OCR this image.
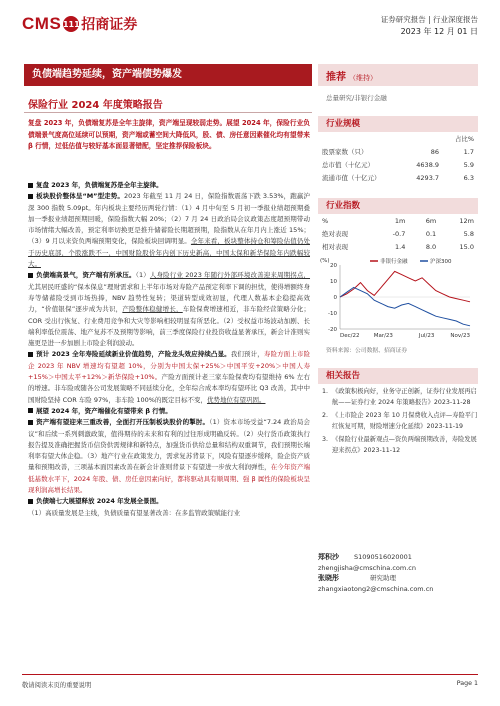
CMS 111 招商证券	证券研究报告 | 行业深度报告
2023 年 12 月 01 日
负债端趋势延续，资产端债势爆发
保险行业 2024 年度策略报告
复盘 2023 年，负债端复苏是全年主旋律，资产端呈现较弱走势。展望 2024 年，保险行业负债端景气度高位延续可以预期，资产端或蓄空间大降低风，股、债、房任意因素催化均有望带来 β 行情，过低估值与较好基本面显著错配，坚定推荐保险板块。

复盘 2023 年，负债端复苏是全年主旋律。

板块股价整体呈“M”型走势。2023 年截至 11 月 24 日，保险指数震荡下跌 3.53%，跑赢沪深 300 指数 5.09pt。年内板块主要经历两轮行情：（1）4 月中旬至 5 月初一季报业绩超预期叠加一季报业绩超预期回暖，保险指数大幅 20%；（2）7 月 24 日政治局会议政策态度超预期带动市场情绪大幅改善，预定利率切换更是推升储蓄险长期超预期，险指数从在年月内上涨近 15%；（3）9 月以来资负两端预期变化，保险板块回调明显。全年来看，板块整体持仓和筹险估值仍处于历史底部，个股涨跌不一，中国财险股价年内创下历史新高，中国太保和新华保险年内跌幅较大。

负债端高景气，资产端有所承压。（1）人身险行业 2023 年随行外部环境改善迎来周期拐点，尤其居民旺盛的“保本保息”理财需求和上半年市场对寿险产品预定利率下调的担忧，使得增额终身寿等储蓄险受到市场热捧，NBV 趋势性复转；渠道转型成效初显，代理人数基本企稳提高效力，“价值银保”逐步成为共识，产险整体稳健增长，车险保费增速相近，非车险经营策略分化；COR 受出行恢复、行业费用竞争和大灾等影响相较明显有所恶化。（2）受权益市场波动加剧、长端利率低位震荡、地产复苏不及预期等影响，前三季度保险行业投资收益显著承压，新会计准则实施更是进一步加剧上市险企利润波动。

预计 2023 全年寿险延续新业价值趋势，产险龙头效应持续凸显。我们预计，寿险方面上市险企 2023 年 NBV 增速均有望超 10%，分别为中国太保+25%＞中国平安+20%＞中国人寿+15%＞中国太平+12%＞新华保险+10%。产险方面预计老三家车险保费均有望维持 6% 左右的增速。非车险或随各公司发展策略不同延续分化，全年综合成本率均有望环比 Q3 改善，其中中国财险坚持 COR 车险 97%，非车险 100%的既定目标不变，优势地位有望巩固。

展望 2024 年，资产端催化有望带来 β 行情。

资产端有望迎来三重改善，全面打开压制板块股价的掣肘。（1）资本市场受益“7.24 政治局会议”和后续一系列刺激政策，值得期待的未来和有利的过往形成明确反转。（2）央行货币政策执行报告提及准确把握货币信贷供需规律和新特点，加强货币供给总量和结构双重调节，我们预期长端利率有望大体企稳。（3）地产行业在政策发力，需求复苏背景下，风险有望逐步缓释，险企资产质量和预期改善，三项基本面因素改善在新会计准则背景下有望进一步放大利润弹性，在今年资产端低基数水平下，2024 年股、债、房任意因素向好，都将驱动具有顺周期、强 β 属性的保险板块呈现利润高增长结果。

负债端七大展望释放 2024 年发展全景图。

（1）高质量发展是主线，负债质量有望显著改善：在多监管政策赋能行业

推荐 （维持）
总量研究/非银行金融
行业规模
		占比%
股票家数（只）	86	1.7
总市值（十亿元）	4638.9	5.9
流通市值（十亿元）	4293.7	6.3
行业指数
%	1m	6m	12m
绝对表现	-0.7	0.1	5.8
相对表现	1.4	8.0	15.0
(%)
20
10
0
-10
-20
Dec/22	Mar/23	Jul/23	Nov/23
非银行金融	沪深300
资料来源：公司数据、招商证券
相关报告
1. 《政策积极向好，业务守正创新，证券行业发展再启航——证券行业 2024 年策略报告》2023-11-28
2. 《上市险企 2023 年 10 月保费收入点评—寿险平门红恢复可期，财险增速分化延续》2023-11-19
3. 《保险行业最新观点—资负两端预期改善，寿险发展迎来拐点》2023-11-12
郑积沙	S1090516020001
zhengjisha@cmschina.com.cn
张晓彤	研究助理
zhangxiaotong2@cmschina.com.cn
敬请阅读末页的重要说明	Page 1
